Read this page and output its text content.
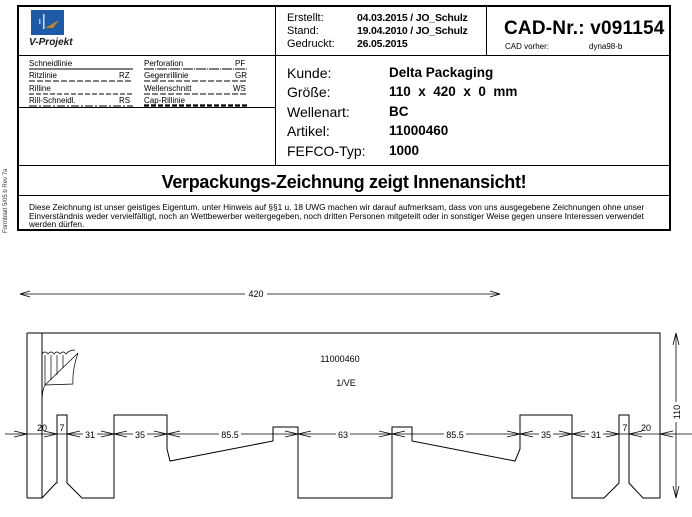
V-Projekt
Schneidlinie
Ritzlinie	RZ
Rilline
Rill-Schneidl.	RS
Perforation	PF
Gegenrillinie	GR
Wellenschnitt	WS
Cap-Rillinie
Erstellt:	04.03.2015 / JO_Schulz
Stand:	19.04.2010 / JO_Schulz
Gedruckt: 26.05.2015
CAD-Nr.: v091154
CAD vorher:	dyna98-b
Kunde:	Delta Packaging
Größe:	110  x  420  x  0  mm
Wellenart:	BC
Artikel:	11000460
FEFCO-Typ: 1000
Verpackungs-Zeichnung zeigt Innenansicht!
Diese Zeichnung ist unser geistiges Eigentum. unter Hinweis auf §§1 u. 18 UWG machen wir darauf aufmerksam, dass von uns ausgegebene Zeichnungen ohne unser Einverständnis weder vervielfältigt, noch an Wettbewerber weitergegeben, noch dritten Personen mitgeteilt oder in sonstiger Weise gegen unsere Interessen verwendet werden dürfen.
Formblatt 5/05 b Rev 7a
11000460
1/VE
20 7
31	35	85.5	63	85.5	35	31
7 20
110
420
